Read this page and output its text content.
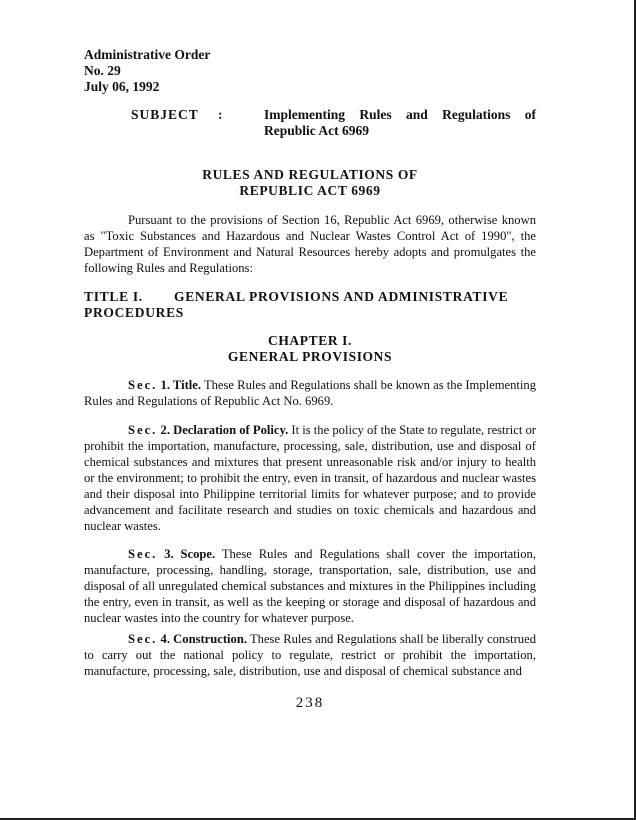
Administrative Order
No. 29
July 06, 1992
SUBJECT :	Implementing Rules and Regulations of Republic Act 6969
RULES AND REGULATIONS OF
REPUBLIC ACT 6969
Pursuant to the provisions of Section 16, Republic Act 6969, otherwise known as "Toxic Substances and Hazardous and Nuclear Wastes Control Act of 1990", the Department of Environment and Natural Resources hereby adopts and promulgates the following Rules and Regulations:
TITLE I. GENERAL PROVISIONS AND ADMINISTRATIVE PROCEDURES
CHAPTER I.
GENERAL PROVISIONS
Sec. 1. Title. These Rules and Regulations shall be known as the Implementing Rules and Regulations of Republic Act No. 6969.
Sec. 2. Declaration of Policy. It is the policy of the State to regulate, restrict or prohibit the importation, manufacture, processing, sale, distribution, use and disposal of chemical substances and mixtures that present unreasonable risk and/or injury to health or the environment; to prohibit the entry, even in transit, of hazardous and nuclear wastes and their disposal into Philippine territorial limits for whatever purpose; and to provide advancement and facilitate research and studies on toxic chemicals and hazardous and nuclear wastes.
Sec. 3. Scope. These Rules and Regulations shall cover the importation, manufacture, processing, handling, storage, transportation, sale, distribution, use and disposal of all unregulated chemical substances and mixtures in the Philippines including the entry, even in transit, as well as the keeping or storage and disposal of hazardous and nuclear wastes into the country for whatever purpose.
Sec. 4. Construction. These Rules and Regulations shall be liberally construed to carry out the national policy to regulate, restrict or prohibit the importation, manufacture, processing, sale, distribution, use and disposal of chemical substance and
238
